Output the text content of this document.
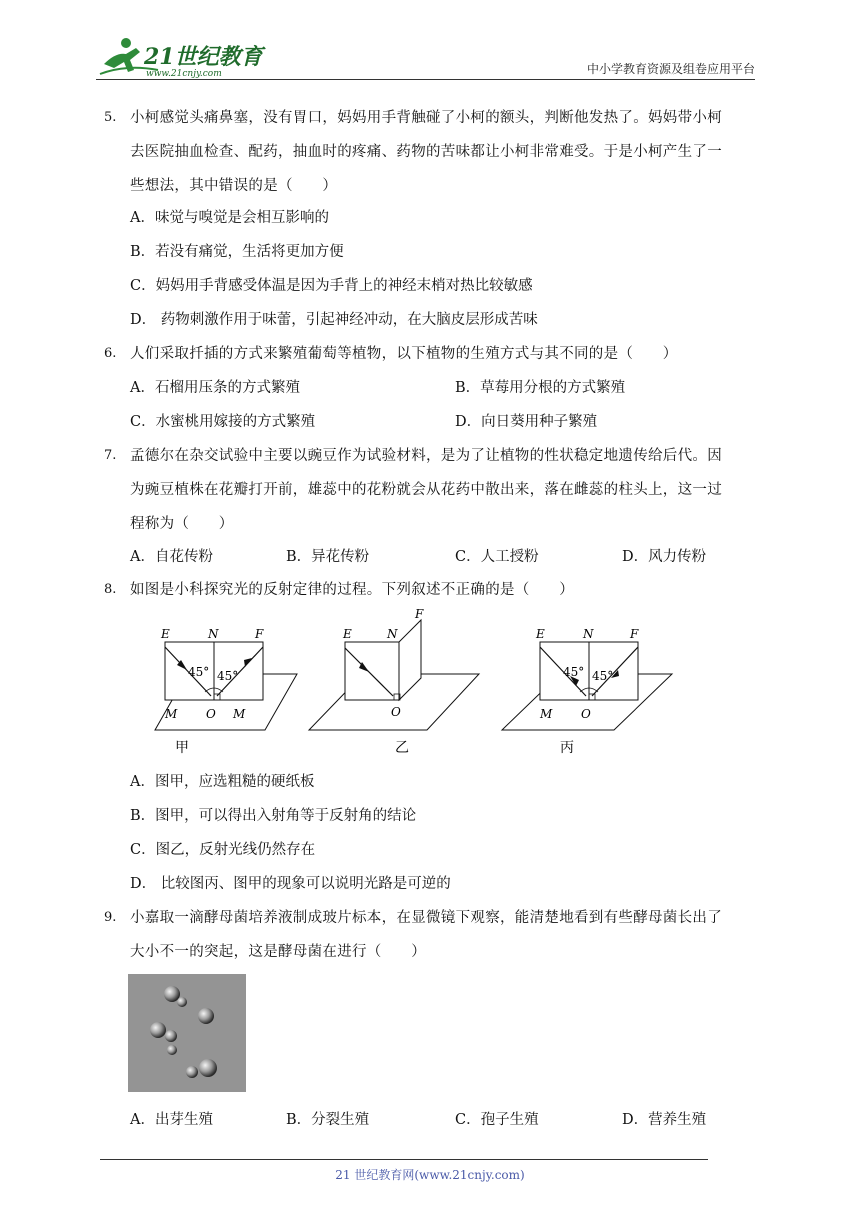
21世纪教育
www.21cnjy.com	中小学教育资源及组卷应用平台
5. 小柯感觉头痛鼻塞，没有胃口，妈妈用手背触碰了小柯的额头，判断他发热了。妈妈带小柯
去医院抽血检查、配药，抽血时的疼痛、药物的苦味都让小柯非常难受。于是小柯产生了一
些想法，其中错误的是（　　）
A．味觉与嗅觉是会相互影响的
B．若没有痛觉，生活将更加方便
C．妈妈用手背感受体温是因为手背上的神经末梢对热比较敏感
D． 药物刺激作用于味蕾，引起神经冲动，在大脑皮层形成苦味
6. 人们采取扦插的方式来繁殖葡萄等植物，以下植物的生殖方式与其不同的是（　　）
A．石榴用压条的方式繁殖	B．草莓用分根的方式繁殖
C．水蜜桃用嫁接的方式繁殖	D．向日葵用种子繁殖
7. 孟德尔在杂交试验中主要以豌豆作为试验材料，是为了让植物的性状稳定地遗传给后代。因
为豌豆植株在花瓣打开前，雄蕊中的花粉就会从花药中散出来，落在雌蕊的柱头上，这一过
程称为（　　）
A．自花传粉	B．异花传粉	C．人工授粉	D．风力传粉
8. 如图是小科探究光的反射定律的过程。下列叙述不正确的是（　　）
E	N	F
45° 45°
M O M
甲
E	N
F
O
乙
E	N	F
45° 45°
M O
丙
A．图甲，应选粗糙的硬纸板
B．图甲，可以得出入射角等于反射角的结论
C．图乙，反射光线仍然存在
D． 比较图丙、图甲的现象可以说明光路是可逆的
9. 小嘉取一滴酵母菌培养液制成玻片标本，在显微镜下观察，能清楚地看到有些酵母菌长出了
大小不一的突起，这是酵母菌在进行（　　）
A．出芽生殖	B．分裂生殖	C．孢子生殖	D．营养生殖
21 世纪教育网(www.21cnjy.com)
